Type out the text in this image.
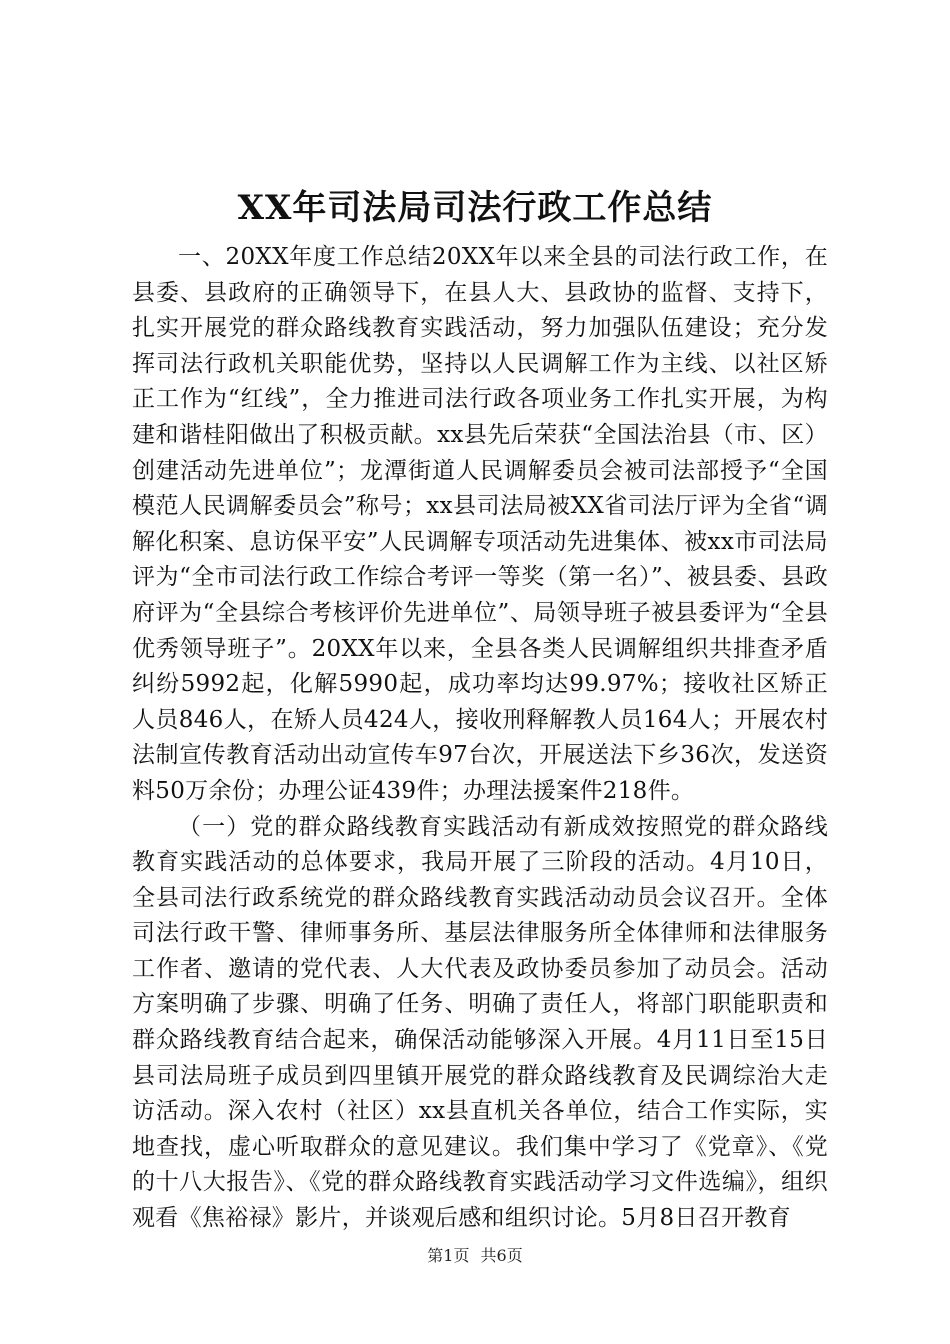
XX年司法局司法行政工作总结

一、20XX年度工作总结20XX年以来全县的司法行政工作，在县委、县政府的正确领导下，在县人大、县政协的监督、支持下，扎实开展党的群众路线教育实践活动，努力加强队伍建设；充分发挥司法行政机关职能优势，坚持以人民调解工作为主线、以社区矫正工作为“红线”，全力推进司法行政各项业务工作扎实开展，为构建和谐桂阳做出了积极贡献。xx县先后荣获“全国法治县（市、区）创建活动先进单位”；龙潭街道人民调解委员会被司法部授予“全国模范人民调解委员会”称号；xx县司法局被XX省司法厅评为全省“调解化积案、息访保平安”人民调解专项活动先进集体、被xx市司法局评为“全市司法行政工作综合考评一等奖（第一名）”、被县委、县政府评为“全县综合考核评价先进单位”、局领导班子被县委评为“全县优秀领导班子”。20XX年以来，全县各类人民调解组织共排查矛盾纠纷5992起，化解5990起，成功率均达99.97%；接收社区矫正人员846人，在矫人员424人，接收刑释解教人员164人；开展农村法制宣传教育活动出动宣传车97台次，开展送法下乡36次，发送资料50万余份；办理公证439件；办理法援案件218件。

（一）党的群众路线教育实践活动有新成效按照党的群众路线教育实践活动的总体要求，我局开展了三阶段的活动。4月10日，全县司法行政系统党的群众路线教育实践活动动员会议召开。全体司法行政干警、律师事务所、基层法律服务所全体律师和法律服务工作者、邀请的党代表、人大代表及政协委员参加了动员会。活动方案明确了步骤、明确了任务、明确了责任人，将部门职能职责和群众路线教育结合起来，确保活动能够深入开展。4月11日至15日县司法局班子成员到四里镇开展党的群众路线教育及民调综治大走访活动。深入农村（社区）xx县直机关各单位，结合工作实际，实地查找，虚心听取群众的意见建议。我们集中学习了《党章》、《党的十八大报告》、《党的群众路线教育实践活动学习文件选编》，组织观看《焦裕禄》影片，并谈观后感和组织讨论。5月8日召开教育

第1页 共6页
